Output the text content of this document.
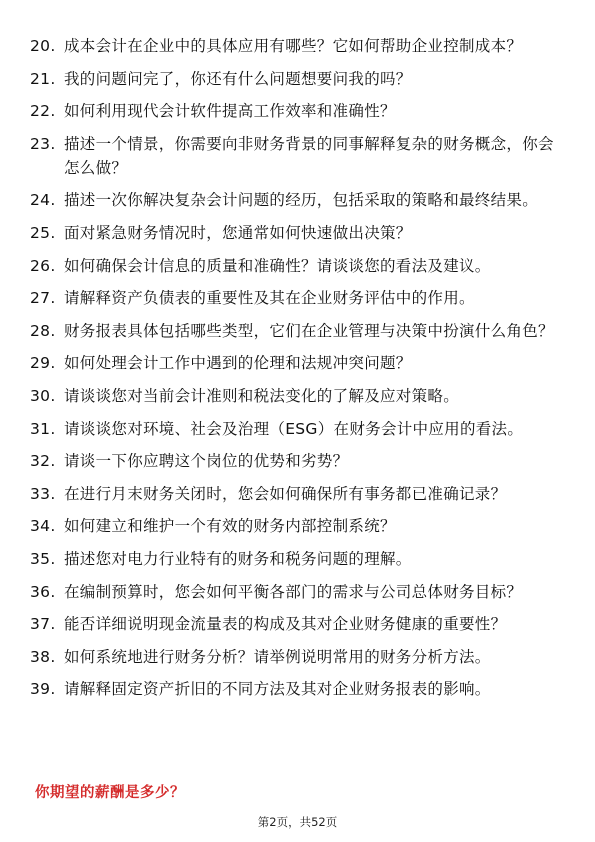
20. 成本会计在企业中的具体应用有哪些？它如何帮助企业控制成本？
21. 我的问题问完了，你还有什么问题想要问我的吗？
22. 如何利用现代会计软件提高工作效率和准确性？
23. 描述一个情景，你需要向非财务背景的同事解释复杂的财务概念，你会怎么做？
24. 描述一次你解决复杂会计问题的经历，包括采取的策略和最终结果。
25. 面对紧急财务情况时，您通常如何快速做出决策？
26. 如何确保会计信息的质量和准确性？请谈谈您的看法及建议。
27. 请解释资产负债表的重要性及其在企业财务评估中的作用。
28. 财务报表具体包括哪些类型，它们在企业管理与决策中扮演什么角色？
29. 如何处理会计工作中遇到的伦理和法规冲突问题？
30. 请谈谈您对当前会计准则和税法变化的了解及应对策略。
31. 请谈谈您对环境、社会及治理（ESG）在财务会计中应用的看法。
32. 请谈一下你应聘这个岗位的优势和劣势？
33. 在进行月末财务关闭时，您会如何确保所有事务都已准确记录？
34. 如何建立和维护一个有效的财务内部控制系统？
35. 描述您对电力行业特有的财务和税务问题的理解。
36. 在编制预算时，您会如何平衡各部门的需求与公司总体财务目标？
37. 能否详细说明现金流量表的构成及其对企业财务健康的重要性？
38. 如何系统地进行财务分析？请举例说明常用的财务分析方法。
39. 请解释固定资产折旧的不同方法及其对企业财务报表的影响。
你期望的薪酬是多少？
第2页，共52页
